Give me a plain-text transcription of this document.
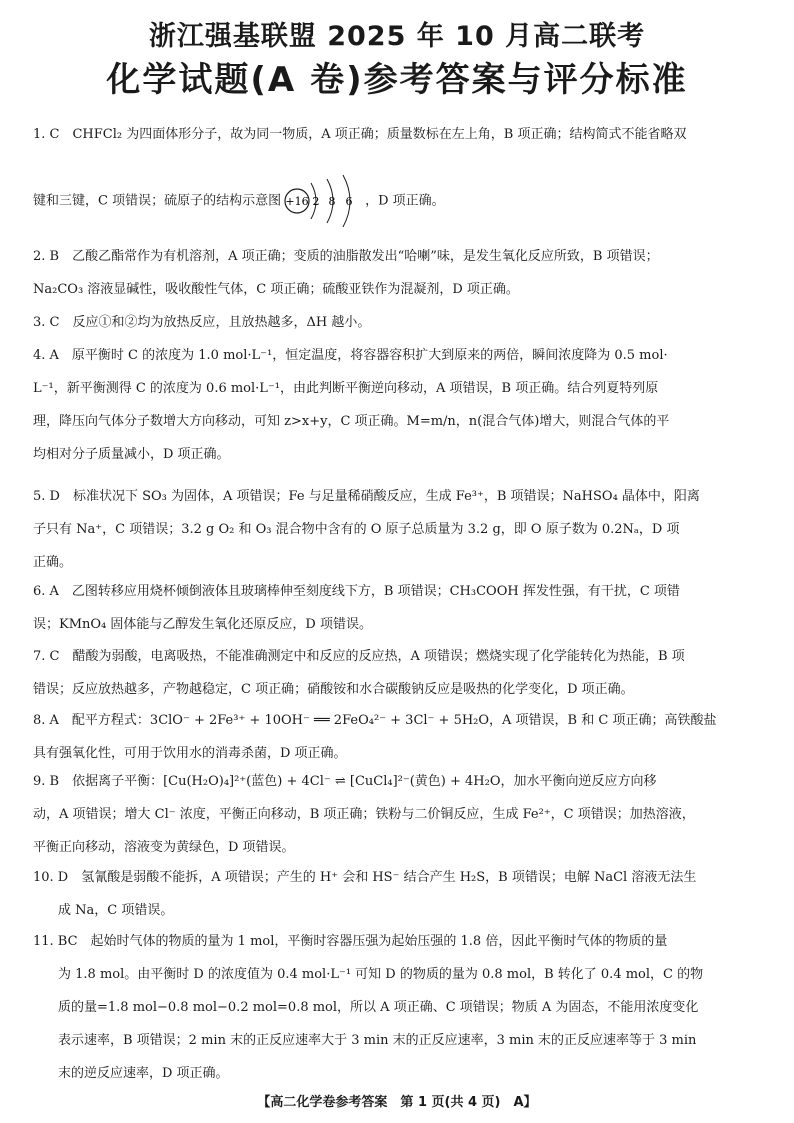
浙江强基联盟 2025 年 10 月高二联考
化学试题(A 卷)参考答案与评分标准
1. C　CHFCl₂ 为四面体形分子，故为同一物质，A 项正确；质量数标在左上角，B 项正确；结构简式不能省略双
键和三键，C 项错误；硫原子的结构示意图 +16 2 8 6 ，D 项正确。
2. B　乙酸乙酯常作为有机溶剂，A 项正确；变质的油脂散发出“哈喇”味，是发生氧化反应所致，B 项错误；
Na₂CO₃ 溶液显碱性，吸收酸性气体，C 项正确；硫酸亚铁作为混凝剂，D 项正确。
3. C　反应①和②均为放热反应，且放热越多，ΔH 越小。
4. A　原平衡时 C 的浓度为 1.0 mol·L⁻¹，恒定温度，将容器容积扩大到原来的两倍，瞬间浓度降为 0.5 mol·
L⁻¹，新平衡测得 C 的浓度为 0.6 mol·L⁻¹，由此判断平衡逆向移动，A 项错误，B 项正确。结合列夏特列原
理，降压向气体分子数增大方向移动，可知 z>x+y，C 项正确。M=m/n，n(混合气体)增大，则混合气体的平
均相对分子质量减小，D 项正确。
5. D　标准状况下 SO₃ 为固体，A 项错误；Fe 与足量稀硝酸反应，生成 Fe³⁺，B 项错误；NaHSO₄ 晶体中，阳离
子只有 Na⁺，C 项错误；3.2 g O₂ 和 O₃ 混合物中含有的 O 原子总质量为 3.2 g，即 O 原子数为 0.2Nₐ，D 项
正确。
6. A　乙图转移应用烧杯倾倒液体且玻璃棒伸至刻度线下方，B 项错误；CH₃COOH 挥发性强，有干扰，C 项错
误；KMnO₄ 固体能与乙醇发生氧化还原反应，D 项错误。
7. C　醋酸为弱酸，电离吸热，不能准确测定中和反应的反应热，A 项错误；燃烧实现了化学能转化为热能，B 项
错误；反应放热越多，产物越稳定，C 项正确；硝酸铵和水合碳酸钠反应是吸热的化学变化，D 项正确。
8. A　配平方程式：3ClO⁻ + 2Fe³⁺ + 10OH⁻ ══ 2FeO₄²⁻ + 3Cl⁻ + 5H₂O，A 项错误，B 和 C 项正确；高铁酸盐
具有强氧化性，可用于饮用水的消毒杀菌，D 项正确。
9. B　依据离子平衡：[Cu(H₂O)₄]²⁺(蓝色) + 4Cl⁻ ⇌ [CuCl₄]²⁻(黄色) + 4H₂O，加水平衡向逆反应方向移
动，A 项错误；增大 Cl⁻ 浓度，平衡正向移动，B 项正确；铁粉与二价铜反应，生成 Fe²⁺，C 项错误；加热溶液，
平衡正向移动，溶液变为黄绿色，D 项错误。
10. D　氢氰酸是弱酸不能拆，A 项错误；产生的 H⁺ 会和 HS⁻ 结合产生 H₂S，B 项错误；电解 NaCl 溶液无法生
成 Na，C 项错误。
11. BC　起始时气体的物质的量为 1 mol，平衡时容器压强为起始压强的 1.8 倍，因此平衡时气体的物质的量
为 1.8 mol。由平衡时 D 的浓度值为 0.4 mol·L⁻¹ 可知 D 的物质的量为 0.8 mol，B 转化了 0.4 mol，C 的物
质的量=1.8 mol−0.8 mol−0.2 mol=0.8 mol，所以 A 项正确、C 项错误；物质 A 为固态，不能用浓度变化
表示速率，B 项错误；2 min 末的正反应速率大于 3 min 末的正反应速率，3 min 末的正反应速率等于 3 min
末的逆反应速率，D 项正确。
【高二化学卷参考答案　第 1 页(共 4 页)　A】
